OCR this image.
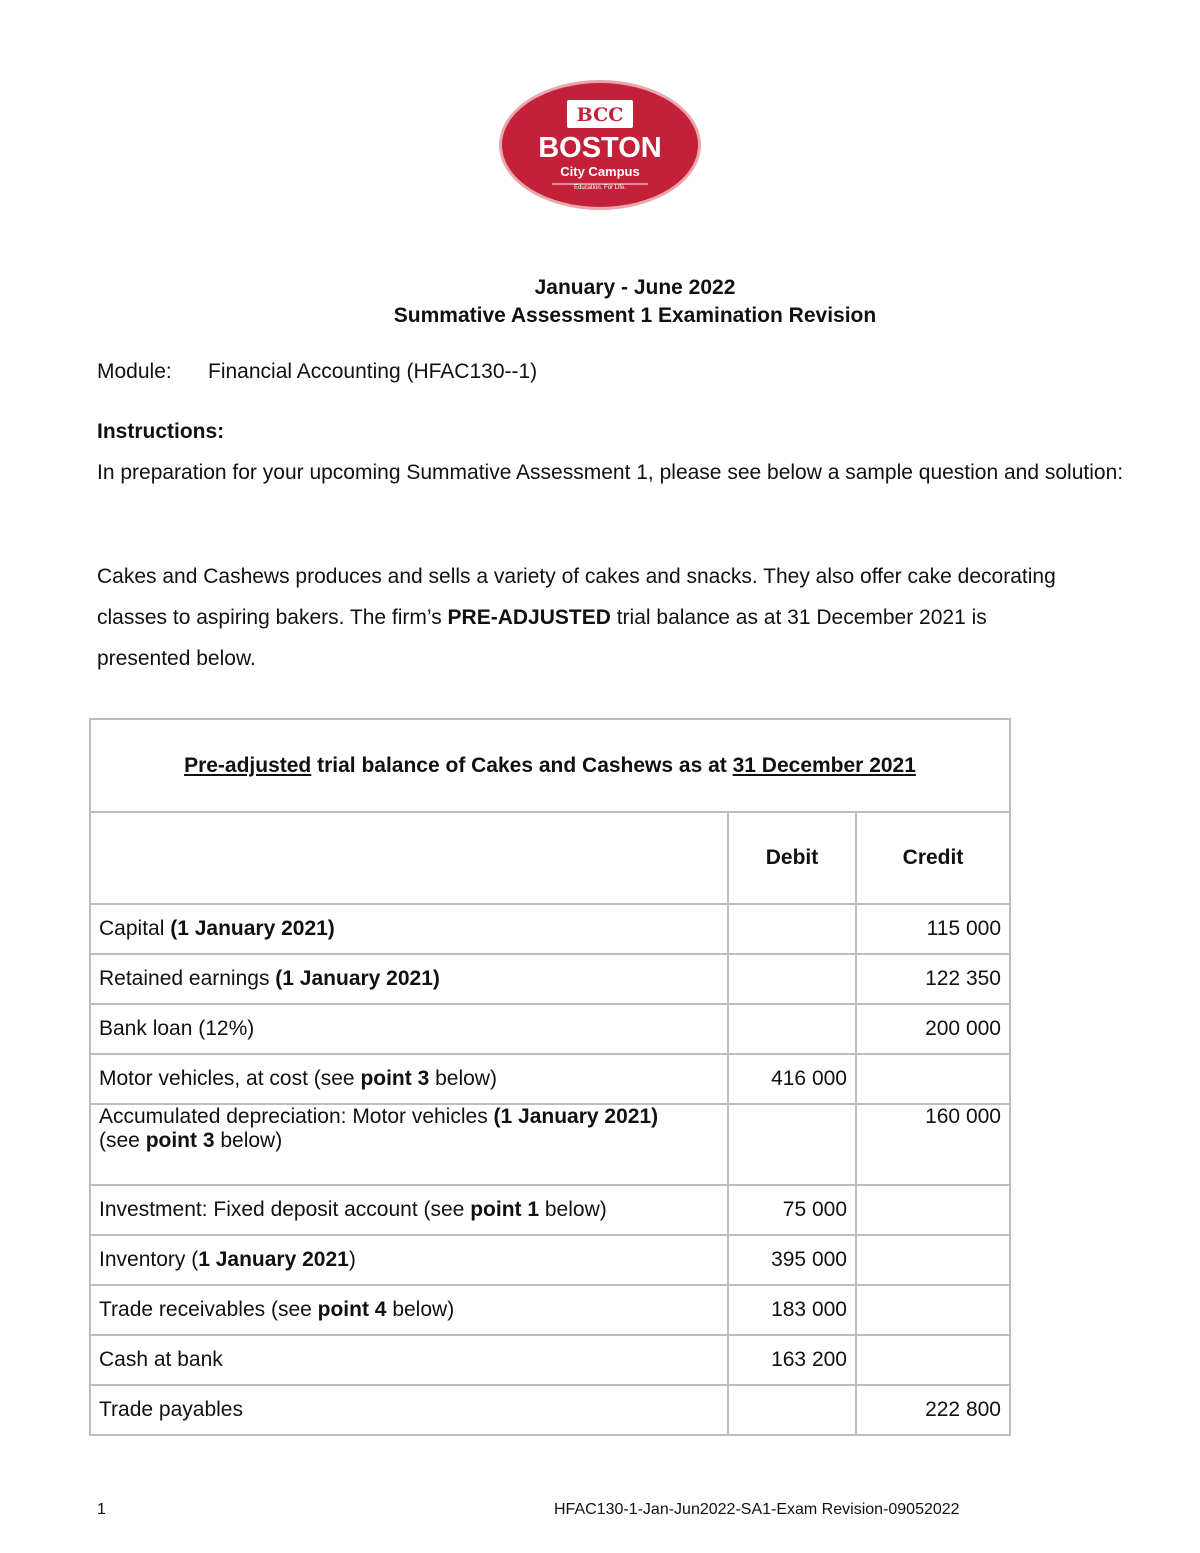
BCC
BOSTON
City Campus
Education. For Life.
January - June 2022
Summative Assessment 1 Examination Revision

Module: Financial Accounting (HFAC130--1)

Instructions:

In preparation for your upcoming Summative Assessment 1, please see below a sample question and solution:

Cakes and Cashews produces and sells a variety of cakes and snacks. They also offer cake decorating classes to aspiring bakers. The firm’s PRE-ADJUSTED trial balance as at 31 December 2021 is presented below.

Pre-adjusted trial balance of Cakes and Cashews as at 31 December 2021		
	Debit	Credit
Capital (1 January 2021)		115 000
Retained earnings (1 January 2021)		122 350
Bank loan (12%)		200 000
Motor vehicles, at cost (see point 3 below)	416 000	
Accumulated depreciation: Motor vehicles (1 January 2021)
(see point 3 below)		160 000
Investment: Fixed deposit account (see point 1 below)	75 000	
Inventory (1 January 2021)	395 000	
Trade receivables (see point 4 below)	183 000	
Cash at bank	163 200	
Trade payables		222 800
1	HFAC130-1-Jan-Jun2022-SA1-Exam Revision-09052022
